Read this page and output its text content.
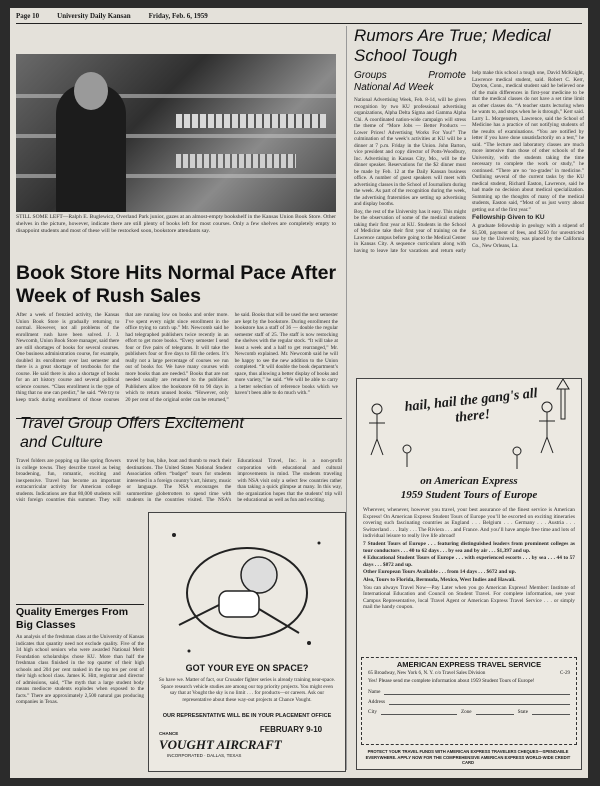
Page 10	University Daily Kansan	Friday, Feb. 6, 1959
STILL SOME LEFT—Ralph E. Buglewicz, Overland Park junior, gazes at an almost-empty bookshelf in the Kansas Union Book Store. Other shelves in the picture, however, indicate there are still plenty of books left for most courses. Only a few shelves are completely empty to disappoint students and most of these will be restocked soon, bookstore attendants say.
Book Store Hits Normal Pace After Week of Rush Sales
After a week of frenzied activity, the Kansas Union Book Store is gradually returning to normal. However, not all problems of the enrollment rush have been solved. J. J. Newcomb, Union Book Store manager, said there are still shortages of books for several courses. One business administration course, for example, doubled its enrollment over last semester and there is a great shortage of textbooks for the course. He said there is also a shortage of books for an art history course and several political science courses. “Class enrollment is the type of thing that no one can predict,” he said. “We try to keep track during enrollment of those courses that are running low on books and order more. I’ve spent every night since enrollment in the office trying to catch up.” Mr. Newcomb said he had telegraphed publishers twice recently in an effort to get more books. “Every semester I send four or five pairs of telegrams. It will take the publishers four or five days to fill the orders. It’s really not a large percentage of courses we run out of books for. We have many courses with more books than are needed.” Books that are not needed usually are returned to the publisher. Publishers allow the bookstore 60 to 90 days in which to return unused books. “However, only 20 per cent of the original order can be returned,” he said. Books that will be used the next semester are kept by the bookstore. During enrollment the bookstore has a staff of 36 — double the regular semester staff of 25. The staff is now restocking the shelves with the regular stock. “It will take at least a week and a half to get rearranged,” Mr. Newcomb explained. Mr. Newcomb said he will be happy to see the new addition to the Union completed. “It will double the book department’s space, thus allowing a better display of books and more variety,” he said. “We will be able to carry a better selection of reference books which we haven’t been able to do much with.”
Travel Group Offers Excitement and Culture
Travel folders are popping up like spring flowers in college towns. They describe travel as being broadening, fun, romantic, exciting and inexpensive. Travel has become an important extracurricular activity for American college students. Indications are that 80,000 students will visit foreign countries this summer. They will travel by bus, bike, boat and thumb to reach their destinations. The United States National Student Association offers “budget” tours for students interested in a foreign country’s art, history, music or language. The NSA encourages the summertime globetrotters to spend time with students in the countries visited. The NSA’s Educational Travel, Inc. is a non-profit corporation with educational and cultural improvements in mind. The students traveling with NSA visit only a select few countries rather than taking a quick glimpse at many. In this way, the organization hopes that the students’ trip will be educational as well as fun and exciting.
Quality Emerges From Big Classes
An analysis of the freshman class at the University of Kansas indicates that quantity need not exclude quality. Five of the 34 high school seniors who were awarded National Merit Foundation scholarships chose KU. More than half the freshman class finished in the top quarter of their high schools and 204 per cent ranked in the top ten per cent of their high school class. James K. Hitt, registrar and director of admissions, said, “The myth that a large student body means mediocre students explodes when exposed to the facts.” There are approximately 2,500 natural gas producing companies in Texas.
GOT YOUR EYE ON SPACE?
So have we. Matter of fact, our Crusader fighter series is already training near-space. Space research vehicle studies are among our top priority projects. You might even say that at Vought the sky is no limit . . . for products—or careers. Ask our representative about these way-out projects at Chance Vought.
OUR REPRESENTATIVE WILL BE IN YOUR PLACEMENT OFFICE
FEBRUARY 9-10
CHANCE
VOUGHT AIRCRAFT
INCORPORATED · DALLAS, TEXAS
Rumors Are True; Medical School Tough
Groups Promote National Ad Week

National Advertising Week, Feb. 8-14, will be given recognition by two KU professional advertising organizations, Alpha Delta Sigma and Gamma Alpha Chi. A coordinated nation-wide campaign will stress the theme of “More Jobs — Better Products — Lower Prices! Advertising Works For You!” The culmination of the week’s activities at KU will be a dinner at 7 p.m. Friday in the Union. John Barton, vice president and copy director of Potts-Woodbury, Inc. Advertising in Kansas City, Mo., will be the dinner speaker. Reservations for the $2 dinner must be made by Feb. 12 at the Daily Kansan business office. A number of guest speakers will meet with advertising classes in the School of Journalism during the week. As part of the recognition during the week, the advertising fraternities are setting up advertising and display booths.

Boy, the rest of the University has it easy. This might be the observation of some of the medical students taking their first year at KU. Students in the School of Medicine take their first year of training on the Lawrence campus before going to the Medical Center in Kansas City. A sequence curriculum along with having to leave late for vacations and return early help make this school a tough one, David McKnight, Lawrence medical student, said. Robert C. Kerr, Dayton, Conn., medical student said he believed one of the main differences in first-year medicine to be that the medical classes do not have a set time limit as other classes do. “A teacher starts lecturing when he wants to, and stops when he is through,” Kerr said. Larry L. Morgenstern, Lawrence, said the School of Medicine has a practice of not notifying students of the results of examinations. “You are notified by letter if you have done unsatisfactorily on a test,” he said. “The lecture and laboratory classes are much more intensive than those of other schools of the University, with the students taking the time necessary to complete the work or study,” he continued. “There are no ‘no-grades’ in medicine.” Outlining several of the current tasks by the KU medical student, Richard Easton, Lawrence, said he had made no decision about medical specialization. Summing up the thoughts of many of the medical students, Easton said, “Most of us just worry about getting out of the first year.”

Fellowship Given to KU

A graduate fellowship in geology with a stipend of $1,500, payment of fees, and $250 for unrestricted use by the University, was placed by the California Co., New Orleans, La.

hail, hail the gang's all there!
on American Express
1959 Student Tours of Europe

Wherever, whenever, however you travel, your best assurance of the finest service is American Express! On American Express Student Tours of Europe you’ll be escorted on exciting itineraries covering such fascinating countries as England . . . Belgium . . . Germany . . . Austria . . . Switzerland . . . Italy . . . The Riviera . . . and France. And you’ll have ample free time and lots of individual leisure to really live life abroad!

7 Student Tours of Europe . . . featuring distinguished leaders from prominent colleges as tour conductors . . . 40 to 62 days . . . by sea and by air . . . $1,397 and up.

4 Educational Student Tours of Europe . . . with experienced escorts . . . by sea . . . 44 to 57 days . . . $872 and up.

Other European Tours Available . . . from 14 days . . . $672 and up.

Also, Tours to Florida, Bermuda, Mexico, West Indies and Hawaii.

You can always Travel Now—Pay Later when you go American Express! Member: Institute of International Education and Council on Student Travel. For complete information, see your Campus Representative, local Travel Agent or American Express Travel Service . . . or simply mail the handy coupon.

AMERICAN EXPRESS TRAVEL SERVICE
65 Broadway, New York 6, N. Y. c/o Travel Sales Division	C-29
Yes! Please send me complete information about 1959 Student Tours of Europe!
Name
Address
City	Zone	State
PROTECT YOUR TRAVEL FUNDS WITH AMERICAN EXPRESS TRAVELERS CHEQUES—SPENDABLE EVERYWHERE. APPLY NOW FOR THE COMPREHENSIVE AMERICAN EXPRESS WORLD-WIDE CREDIT CARD
